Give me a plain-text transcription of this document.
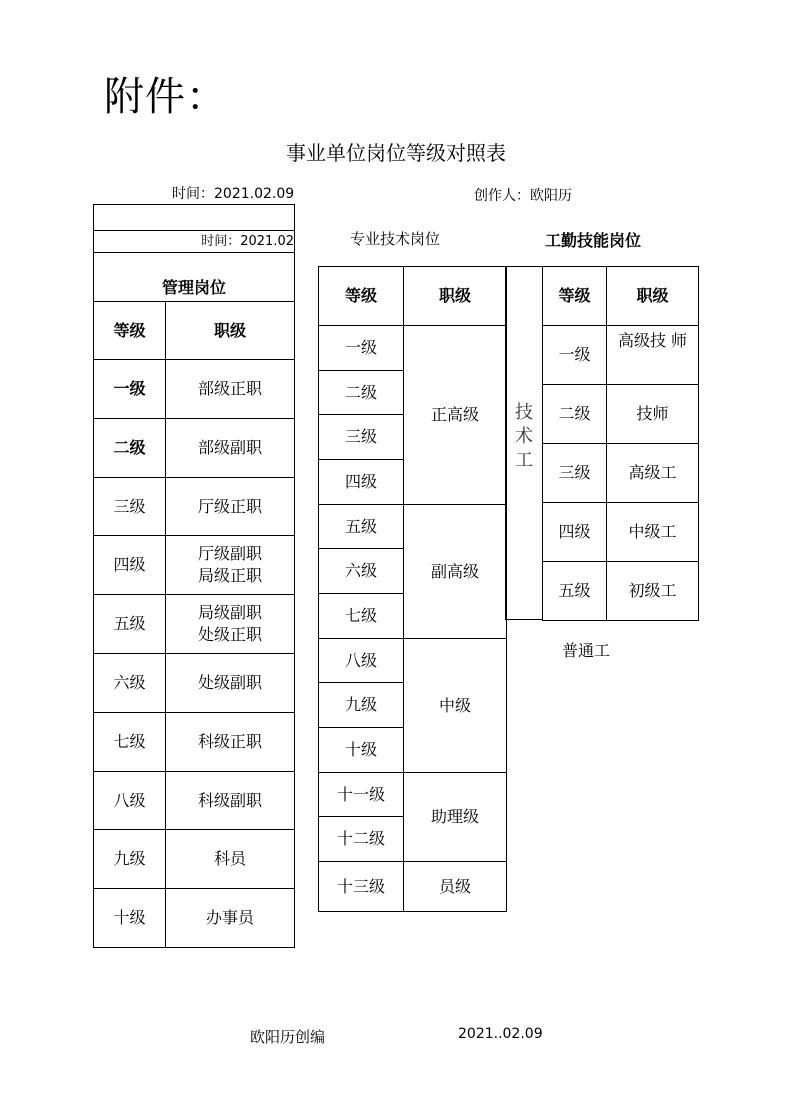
附件：
事业单位岗位等级对照表
时间：2021.02.09	创作人：欧阳历

时间：2021.02	
管理岗位	
等级	职级
一级	部级正职
二级	部级副职
三级	厅级正职
四级	厅级副职
局级正职

五级	局级副职
处级正职

六级	处级副职
七级	科级正职
八级	科级副职
九级	科员
十级	办事员
专业技术岗位
等级	职级
一级	正高级
二级	
三级	
四级	
五级	副高级
六级	
七级	
八级	中级
九级	
十级	
十一级	助理级
十二级	
十三级	员级
技
术
工
工勤技能岗位
等级	职级
一级	高级技 师
二级	技师
三级	高级工
四级	中级工
五级	初级工
普通工
欧阳历创编	2021..02.09
